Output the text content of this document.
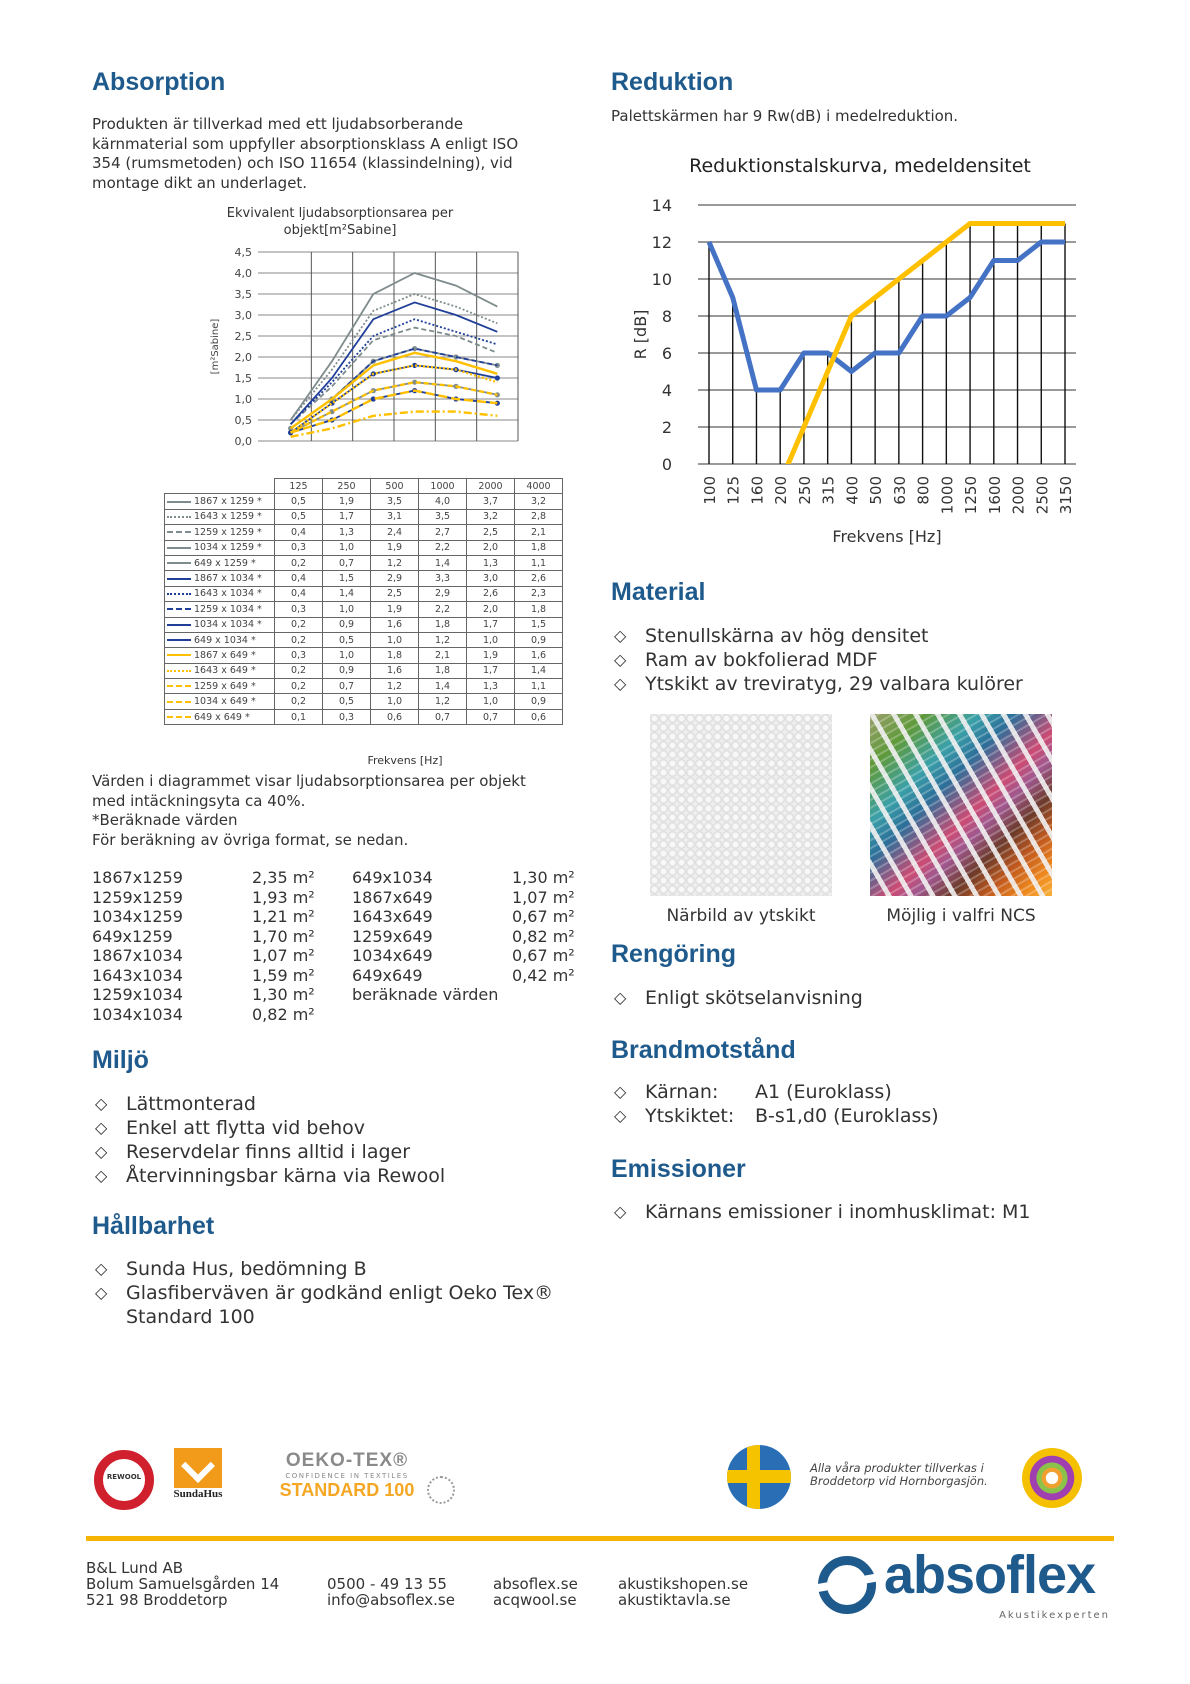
Absorption
Produkten är tillverkad med ett ljudabsorberande
kärnmaterial som uppfyller absorptionsklass A enligt ISO
354 (rumsmetoden) och ISO 11654 (klassindelning), vid
montage dikt an underlaget.
Ekvivalent ljudabsorptionsarea per objekt[m²Sabine]
0,0
0,5
1,0
1,5
2,0
2,5
3,0
3,5
4,0
4,5
[m²Sabine]
	125	250	500	1000	2000	4000
1867 x 1259 *	0,5	1,9	3,5	4,0	3,7	3,2
1643 x 1259 *	0,5	1,7	3,1	3,5	3,2	2,8
1259 x 1259 *	0,4	1,3	2,4	2,7	2,5	2,1
1034 x 1259 *	0,3	1,0	1,9	2,2	2,0	1,8
649 x 1259 *	0,2	0,7	1,2	1,4	1,3	1,1
1867 x 1034 *	0,4	1,5	2,9	3,3	3,0	2,6
1643 x 1034 *	0,4	1,4	2,5	2,9	2,6	2,3
1259 x 1034 *	0,3	1,0	1,9	2,2	2,0	1,8
1034 x 1034 *	0,2	0,9	1,6	1,8	1,7	1,5
649 x 1034 *	0,2	0,5	1,0	1,2	1,0	0,9
1867 x 649 *	0,3	1,0	1,8	2,1	1,9	1,6
1643 x 649 *	0,2	0,9	1,6	1,8	1,7	1,4
1259 x 649 *	0,2	0,7	1,2	1,4	1,3	1,1
1034 x 649 *	0,2	0,5	1,0	1,2	1,0	0,9
649 x 649 *	0,1	0,3	0,6	0,7	0,7	0,6
Frekvens [Hz]
Värden i diagrammet visar ljudabsorptionsarea per objekt
med intäckningsyta ca 40%.
*Beräknade värden
För beräkning av övriga format, se nedan.
1867x1259	2,35 m²
1259x1259	1,93 m²
1034x1259	1,21 m²
649x1259	1,70 m²
1867x1034	1,07 m²
1643x1034	1,59 m²
1259x1034	1,30 m²
1034x1034	0,82 m²
649x1034	1,30 m²
1867x649	1,07 m²
1643x649	0,67 m²
1259x649	0,82 m²
1034x649	0,67 m²
649x649	0,42 m²
beräknade värden	
Miljö
◇ Lättmonterad
◇ Enkel att flytta vid behov
◇ Reservdelar finns alltid i lager
◇ Återvinningsbar kärna via Rewool
Hållbarhet
◇ Sunda Hus, bedömning B
◇ Glasfiberväven är godkänd enligt Oeko Tex® Standard 100
Reduktion
Palettskärmen har 9 Rw(dB) i medelreduktion.
Reduktionstalskurva, medeldensitet
0
2
4
6
8
10
12
14
R [dB]
100 125 160 200 250 315 400 500 630 800 1000 1250 1600 2000 2500 3150
Frekvens [Hz]
Material
◇ Stenullskärna av hög densitet
◇ Ram av bokfolierad MDF
◇ Ytskikt av treviratyg, 29 valbara kulörer
Närbild av ytskikt	Möjlig i valfri NCS
Rengöring
◇ Enligt skötselanvisning
Brandmotstånd
◇ Kärnan: A1 (Euroklass)
◇ Ytskiktet: B-s1,d0 (Euroklass)
Emissioner
◇ Kärnans emissioner i inomhusklimat: M1
REWOOL
SundaHus
OEKO-TEX®
CONFIDENCE IN TEXTILES
STANDARD 100
Alla våra produkter tillverkas i
Broddetorp vid Hornborgasjön.
B&L Lund AB
Bolum Samuelsgården 14
521 98 Broddetorp
0500 - 49 13 55
info@absoflex.se
absoflex.se
acqwool.se
akustikshopen.se
akustiktavla.se	absoflex
Akustikexperten
